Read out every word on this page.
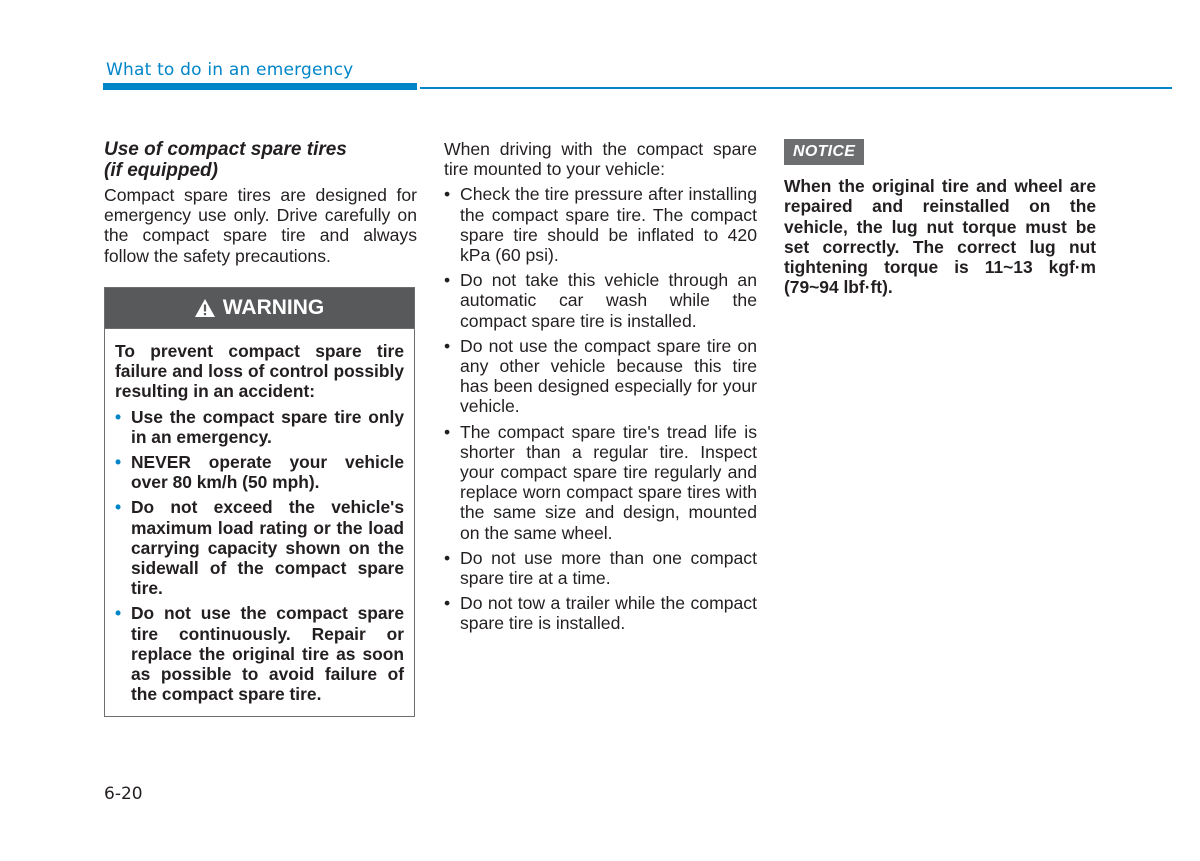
What to do in an emergency

Use of compact spare tires
(if equipped)

Compact spare tires are designed for emergency use only. Drive carefully on the compact spare tire and always follow the safety precautions.

WARNING

To prevent compact spare tire failure and loss of control possibly resulting in an accident:

• Use the compact spare tire only in an emergency.
• NEVER operate your vehicle over 80 km/h (50 mph).
• Do not exceed the vehicle's maximum load rating or the load carrying capacity shown on the sidewall of the compact spare tire.
• Do not use the compact spare tire continuously. Repair or replace the original tire as soon as possible to avoid failure of the compact spare tire.

When driving with the compact spare tire mounted to your vehicle:

• Check the tire pressure after installing the compact spare tire. The compact spare tire should be inflated to 420 kPa (60 psi).
• Do not take this vehicle through an automatic car wash while the compact spare tire is installed.
• Do not use the compact spare tire on any other vehicle because this tire has been designed especially for your vehicle.
• The compact spare tire's tread life is shorter than a regular tire. Inspect your compact spare tire regularly and replace worn compact spare tires with the same size and design, mounted on the same wheel.
• Do not use more than one compact spare tire at a time.
• Do not tow a trailer while the compact spare tire is installed.
NOTICE

When the original tire and wheel are repaired and reinstalled on the vehicle, the lug nut torque must be set correctly. The correct lug nut tightening torque is 11~13 kgf·m (79~94 lbf·ft).

6-20
